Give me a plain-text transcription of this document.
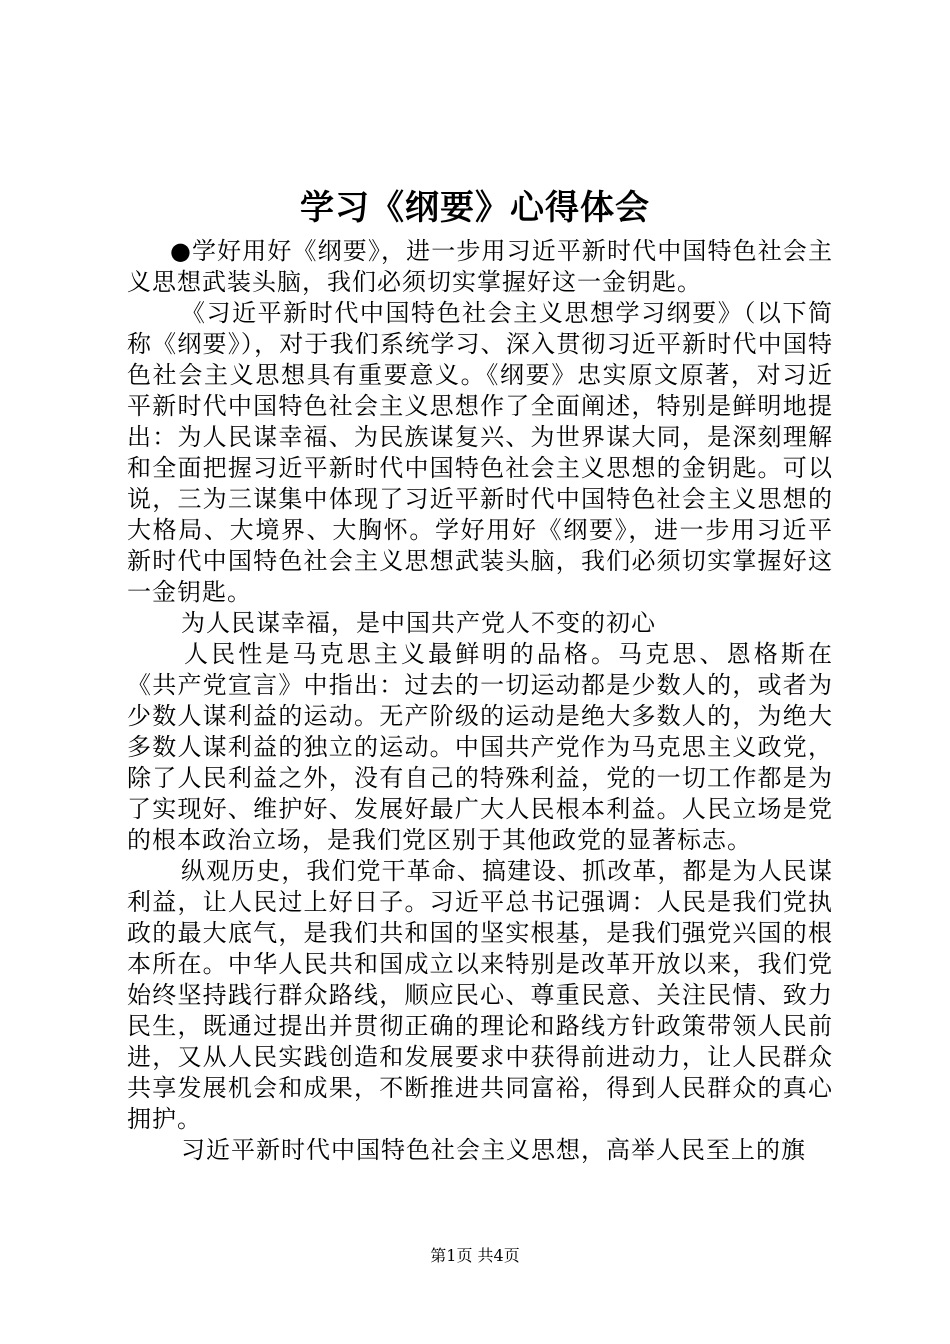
学习《纲要》心得体会

●学好用好《纲要》，进一步用习近平新时代中国特色社会主义思想武装头脑，我们必须切实掌握好这一金钥匙。

《习近平新时代中国特色社会主义思想学习纲要》（以下简称《纲要》），对于我们系统学习、深入贯彻习近平新时代中国特色社会主义思想具有重要意义。《纲要》忠实原文原著，对习近平新时代中国特色社会主义思想作了全面阐述，特别是鲜明地提出：为人民谋幸福、为民族谋复兴、为世界谋大同，是深刻理解和全面把握习近平新时代中国特色社会主义思想的金钥匙。可以说，三为三谋集中体现了习近平新时代中国特色社会主义思想的大格局、大境界、大胸怀。学好用好《纲要》，进一步用习近平新时代中国特色社会主义思想武装头脑，我们必须切实掌握好这一金钥匙。

为人民谋幸福，是中国共产党人不变的初心

人民性是马克思主义最鲜明的品格。马克思、恩格斯在《共产党宣言》中指出：过去的一切运动都是少数人的，或者为少数人谋利益的运动。无产阶级的运动是绝大多数人的，为绝大多数人谋利益的独立的运动。中国共产党作为马克思主义政党，除了人民利益之外，没有自己的特殊利益，党的一切工作都是为了实现好、维护好、发展好最广大人民根本利益。人民立场是党的根本政治立场，是我们党区别于其他政党的显著标志。

纵观历史，我们党干革命、搞建设、抓改革，都是为人民谋利益，让人民过上好日子。习近平总书记强调：人民是我们党执政的最大底气，是我们共和国的坚实根基，是我们强党兴国的根本所在。中华人民共和国成立以来特别是改革开放以来，我们党始终坚持践行群众路线，顺应民心、尊重民意、关注民情、致力民生，既通过提出并贯彻正确的理论和路线方针政策带领人民前进，又从人民实践创造和发展要求中获得前进动力，让人民群众共享发展机会和成果，不断推进共同富裕，得到人民群众的真心拥护。

习近平新时代中国特色社会主义思想，高举人民至上的旗

第1页 共4页
